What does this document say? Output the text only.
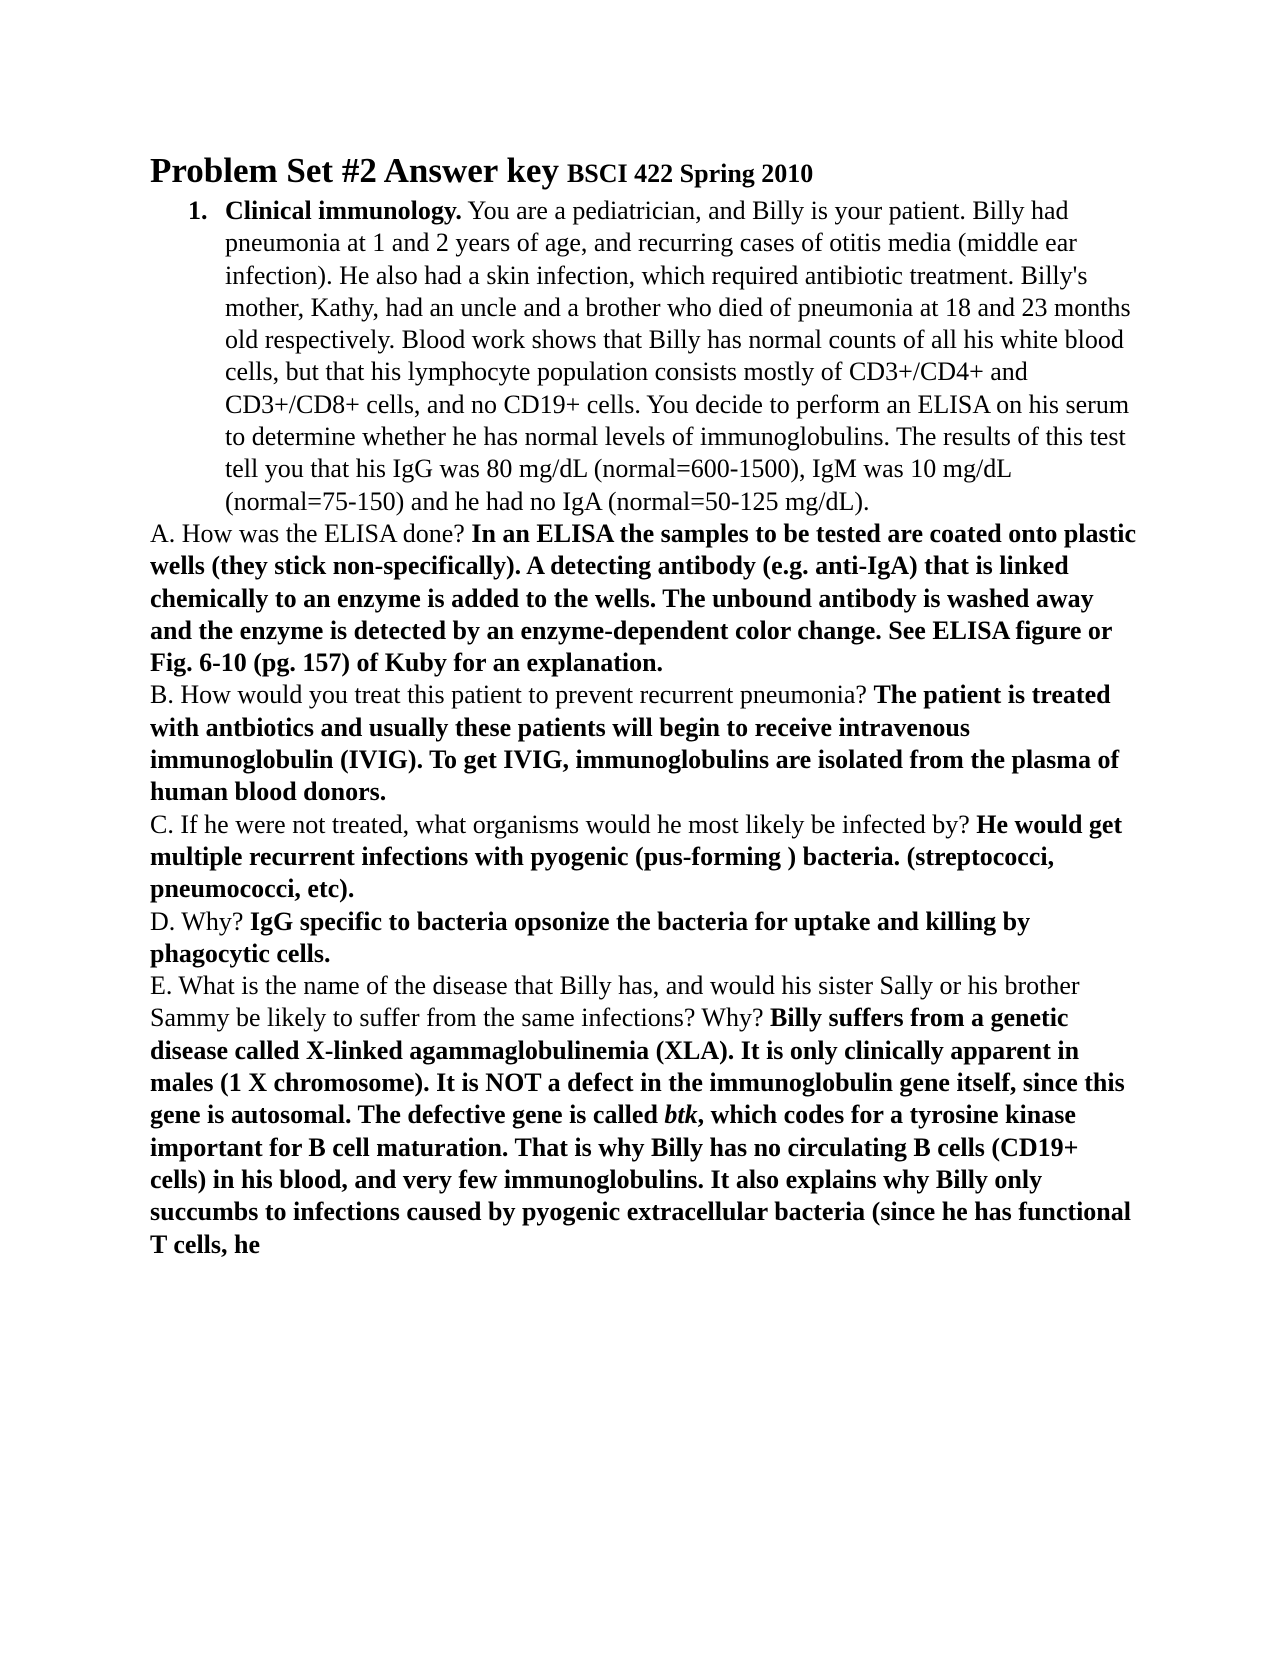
Problem Set #2 Answer key BSCI 422 Spring 2010
1. Clinical immunology. You are a pediatrician, and Billy is your patient. Billy had pneumonia at 1 and 2 years of age, and recurring cases of otitis media (middle ear infection). He also had a skin infection, which required antibiotic treatment. Billy's mother, Kathy, had an uncle and a brother who died of pneumonia at 18 and 23 months old respectively. Blood work shows that Billy has normal counts of all his white blood cells, but that his lymphocyte population consists mostly of CD3+/CD4+ and CD3+/CD8+ cells, and no CD19+ cells. You decide to perform an ELISA on his serum to determine whether he has normal levels of immunoglobulins. The results of this test tell you that his IgG was 80 mg/dL (normal=600-1500), IgM was 10 mg/dL (normal=75-150) and he had no IgA (normal=50-125 mg/dL).

A. How was the ELISA done? In an ELISA the samples to be tested are coated onto plastic wells (they stick non-specifically). A detecting antibody (e.g. anti-IgA) that is linked chemically to an enzyme is added to the wells. The unbound antibody is washed away and the enzyme is detected by an enzyme-dependent color change. See ELISA figure or Fig. 6-10 (pg. 157) of Kuby for an explanation.

B. How would you treat this patient to prevent recurrent pneumonia? The patient is treated with antbiotics and usually these patients will begin to receive intravenous immunoglobulin (IVIG). To get IVIG, immunoglobulins are isolated from the plasma of human blood donors.

C. If he were not treated, what organisms would he most likely be infected by? He would get multiple recurrent infections with pyogenic (pus-forming ) bacteria. (streptococci, pneumococci, etc).

D. Why? IgG specific to bacteria opsonize the bacteria for uptake and killing by phagocytic cells.

E. What is the name of the disease that Billy has, and would his sister Sally or his brother Sammy be likely to suffer from the same infections? Why? Billy suffers from a genetic disease called X-linked agammaglobulinemia (XLA). It is only clinically apparent in males (1 X chromosome). It is NOT a defect in the immunoglobulin gene itself, since this gene is autosomal. The defective gene is called btk, which codes for a tyrosine kinase important for B cell maturation. That is why Billy has no circulating B cells (CD19+ cells) in his blood, and very few immunoglobulins. It also explains why Billy only succumbs to infections caused by pyogenic extracellular bacteria (since he has functional T cells, he
